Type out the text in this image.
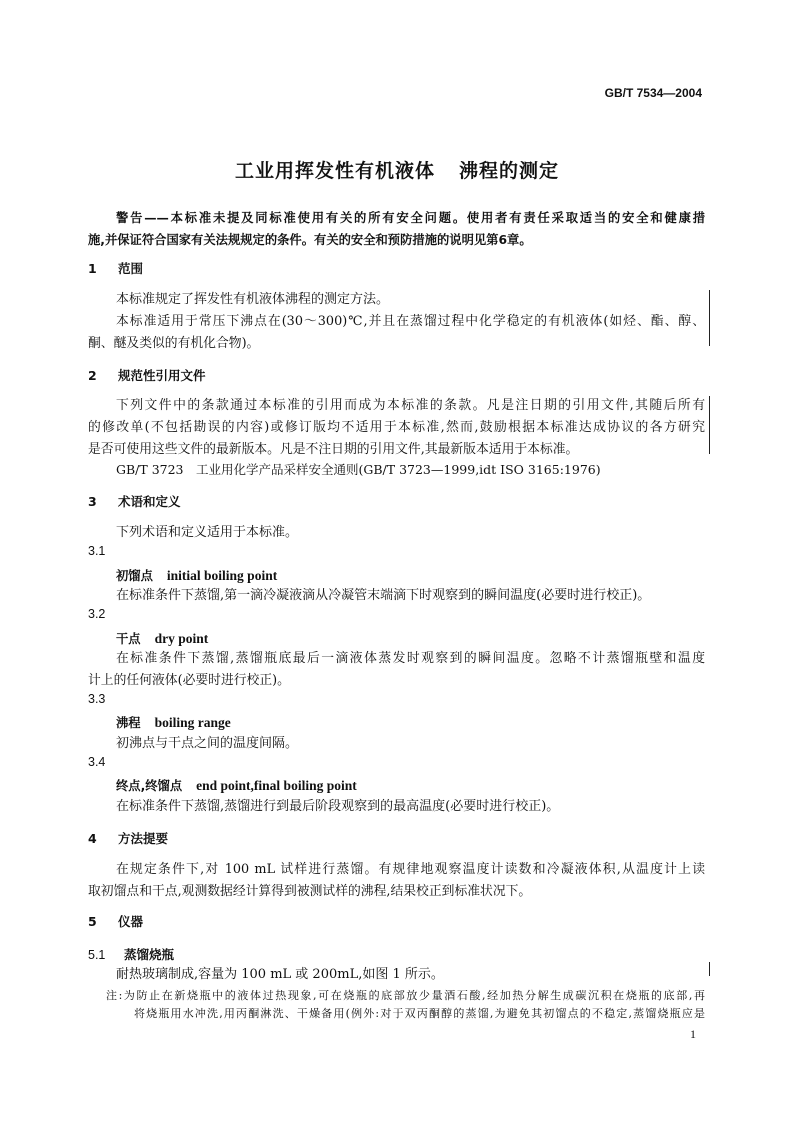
GB/T 7534—2004
工业用挥发性有机液体 沸程的测定
警告——本标准未提及同标准使用有关的所有安全问题。使用者有责任采取适当的安全和健康措
施,并保证符合国家有关法规规定的条件。有关的安全和预防措施的说明见第6章。
1 范围
本标准规定了挥发性有机液体沸程的测定方法。
本标准适用于常压下沸点在(30～300)℃,并且在蒸馏过程中化学稳定的有机液体(如烃、酯、醇、
酮、醚及类似的有机化合物)。
2 规范性引用文件
下列文件中的条款通过本标准的引用而成为本标准的条款。凡是注日期的引用文件,其随后所有
的修改单(不包括勘误的内容)或修订版均不适用于本标准,然而,鼓励根据本标准达成协议的各方研究
是否可使用这些文件的最新版本。凡是不注日期的引用文件,其最新版本适用于本标准。
GB/T 3723　工业用化学产品采样安全通则(GB/T 3723—1999,idt ISO 3165:1976)
3 术语和定义
下列术语和定义适用于本标准。
3.1
初馏点 initial boiling point
在标准条件下蒸馏,第一滴冷凝液滴从冷凝管末端滴下时观察到的瞬间温度(必要时进行校正)。
3.2
干点 dry point
在标准条件下蒸馏,蒸馏瓶底最后一滴液体蒸发时观察到的瞬间温度。忽略不计蒸馏瓶壁和温度
计上的任何液体(必要时进行校正)。
3.3
沸程 boiling range
初沸点与干点之间的温度间隔。
3.4
终点,终馏点 end point,final boiling point
在标准条件下蒸馏,蒸馏进行到最后阶段观察到的最高温度(必要时进行校正)。
4 方法提要
在规定条件下,对 100 mL 试样进行蒸馏。有规律地观察温度计读数和冷凝液体积,从温度计上读
取初馏点和干点,观测数据经计算得到被测试样的沸程,结果校正到标准状况下。
5 仪器
5.1 蒸馏烧瓶
耐热玻璃制成,容量为 100 mL 或 200mL,如图 1 所示。
注:为防止在新烧瓶中的液体过热现象,可在烧瓶的底部放少量酒石酸,经加热分解生成碳沉积在烧瓶的底部,再
将烧瓶用水冲洗,用丙酮淋洗、干燥备用(例外:对于双丙酮醇的蒸馏,为避免其初馏点的不稳定,蒸馏烧瓶应是
1
